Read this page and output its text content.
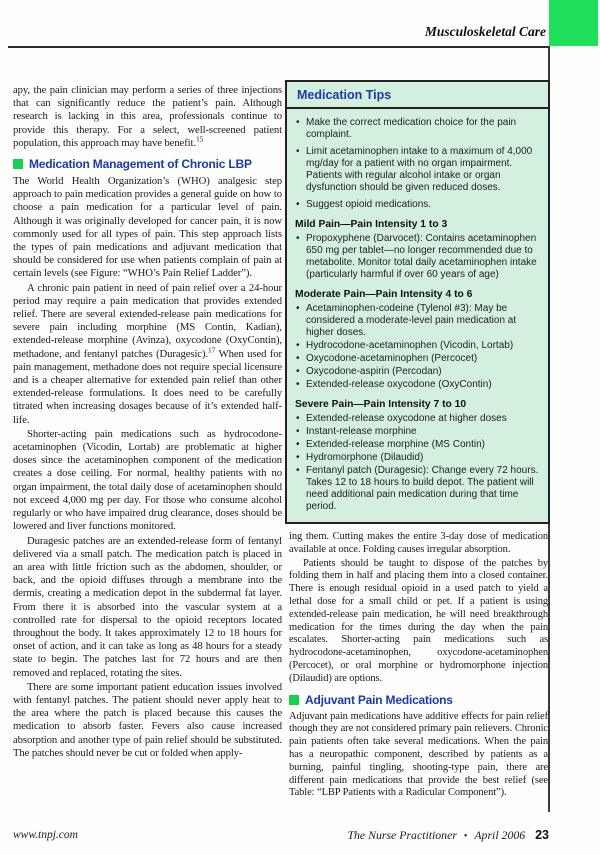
Musculoskeletal Care

apy, the pain clinician may perform a series of three injections that can significantly reduce the patient’s pain. Although research is lacking in this area, professionals continue to provide this therapy. For a select, well-screened patient population, this approach may have benefit.$^{15}$

Medication Management of Chronic LBP

The World Health Organization’s (WHO) analgesic step approach to pain medication provides a general guide on how to choose a pain medication for a particular level of pain. Although it was originally developed for cancer pain, it is now commonly used for all types of pain. This step approach lists the types of pain medications and adjuvant medication that should be considered for use when patients complain of pain at certain levels (see Figure: “WHO’s Pain Relief Ladder”).

A chronic pain patient in need of pain relief over a 24-hour period may require a pain medication that provides extended relief. There are several extended-release pain medications for severe pain including morphine (MS Contin, Kadian), extended-release morphine (Avinza), oxycodone (OxyContin), methadone, and fentanyl patches (Duragesic).$^{17}$ When used for pain management, methadone does not require special licensure and is a cheaper alternative for extended pain relief than other extended-release formulations. It does need to be carefully titrated when increasing dosages because of it’s extended half-life.

Shorter-acting pain medications such as hydrocodone-acetaminophen (Vicodin, Lortab) are problematic at higher doses since the acetaminophen component of the medication creates a dose ceiling. For normal, healthy patients with no organ impairment, the total daily dose of acetaminophen should not exceed 4,000 mg per day. For those who consume alcohol regularly or who have impaired drug clearance, doses should be lowered and liver functions monitored.

Duragesic patches are an extended-release form of fentanyl delivered via a small patch. The medication patch is placed in an area with little friction such as the abdomen, shoulder, or back, and the opioid diffuses through a membrane into the dermis, creating a medication depot in the subdermal fat layer. From there it is absorbed into the vascular system at a controlled rate for dispersal to the opioid receptors located throughout the body. It takes approximately 12 to 18 hours for onset of action, and it can take as long as 48 hours for a steady state to begin. The patches last for 72 hours and are then removed and replaced, rotating the sites.

There are some important patient education issues involved with fentanyl patches. The patient should never apply heat to the area where the patch is placed because this causes the medication to absorb faster. Fevers also cause increased absorption and another type of pain relief should be substituted. The patches should never be cut or folded when apply-

Medication Tips
• Make the correct medication choice for the pain complaint.
• Limit acetaminophen intake to a maximum of 4,000 mg/day for a patient with no organ impairment. Patients with regular alcohol intake or organ dysfunction should be given reduced doses.
• Suggest opioid medications.
Mild Pain—Pain Intensity 1 to 3
• Propoxyphene (Darvocet): Contains acetaminophen 650 mg per tablet—no longer recommended due to metabolite. Monitor total daily acetaminophen intake (particularly harmful if over 60 years of age)
Moderate Pain—Pain Intensity 4 to 6
• Acetaminophen-codeine (Tylenol #3): May be considered a moderate-level pain medication at higher doses.
• Hydrocodone-acetaminophen (Vicodin, Lortab)
• Oxycodone-acetaminophen (Percocet)
• Oxycodone-aspirin (Percodan)
• Extended-release oxycodone (OxyContin)
Severe Pain—Pain Intensity 7 to 10
• Extended-release oxycodone at higher doses
• Instant-release morphine
• Extended-release morphine (MS Contin)
• Hydromorphone (Dilaudid)
• Fentanyl patch (Duragesic): Change every 72 hours. Takes 12 to 18 hours to build depot. The patient will need additional pain medication during that time period.

ing them. Cutting makes the entire 3-day dose of medication available at once. Folding causes irregular absorption.

Patients should be taught to dispose of the patches by folding them in half and placing them into a closed container. There is enough residual opioid in a used patch to yield a lethal dose for a small child or pet. If a patient is using extended-release pain medication, he will need breakthrough medication for the times during the day when the pain escalates. Shorter-acting pain medications such as hydrocodone-acetaminophen, oxycodone-acetaminophen (Percocet), or oral morphine or hydromorphone injection (Dilaudid) are options.

Adjuvant Pain Medications

Adjuvant pain medications have additive effects for pain relief though they are not considered primary pain relievers. Chronic pain patients often take several medications. When the pain has a neuropathic component, described by patients as a burning, painful tingling, shooting-type pain, there are different pain medications that provide the best relief (see Table: “LBP Patients with a Radicular Component”).

www.tnpj.com	The Nurse Practitioner • April 2006 23
